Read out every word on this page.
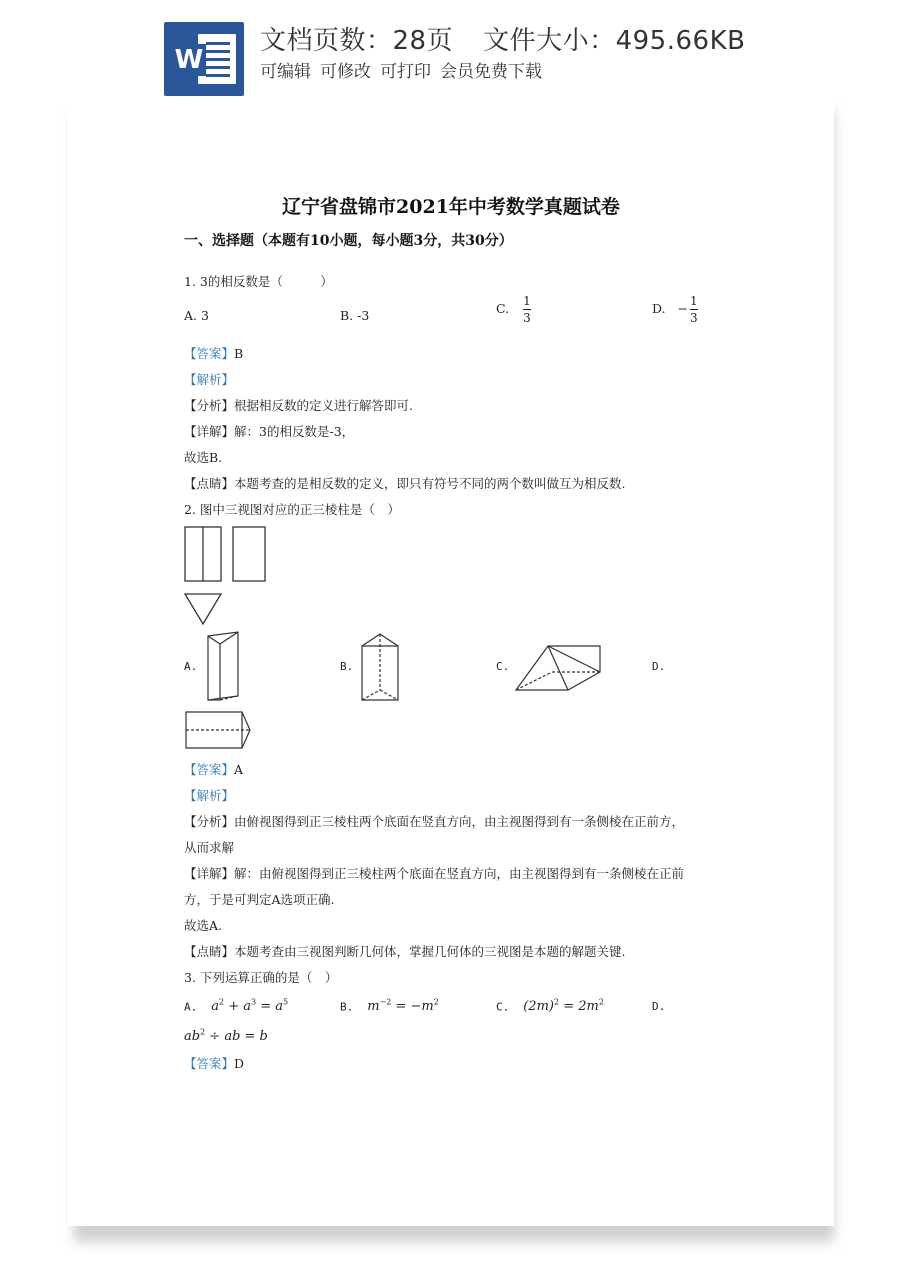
W
文档页数：28页 文件大小：495.66KB
可编辑 可修改 可打印 会员免费下载
辽宁省盘锦市2021年中考数学真题试卷
一、选择题（本题有10小题，每小题3分，共30分）
1. 3的相反数是（　　　）
A. 3	B. -3	C. $\frac{1}{3}$	D. − $\frac{1}{3}$
【答案】B
【解析】
【分析】根据相反数的定义进行解答即可.
【详解】解：3的相反数是-3，
故选B.
【点睛】本题考查的是相反数的定义，即只有符号不同的两个数叫做互为相反数.
2. 图中三视图对应的正三棱柱是（　）
A.	B.	C.	D.
【答案】A
【解析】
【分析】由俯视图得到正三棱柱两个底面在竖直方向，由主视图得到有一条侧棱在正前方，
从而求解
【详解】解：由俯视图得到正三棱柱两个底面在竖直方向，由主视图得到有一条侧棱在正前
方，于是可判定A选项正确.
故选A.
【点睛】本题考查由三视图判断几何体，掌握几何体的三视图是本题的解题关键.
3. 下列运算正确的是（　）
A. $a^2 + a^3 = a^5$	B. $m^{-2} = -m^2$	C. $(2m)^2 = 2m^2$	D.
$ab^2$ ÷ ab = b
【答案】D
